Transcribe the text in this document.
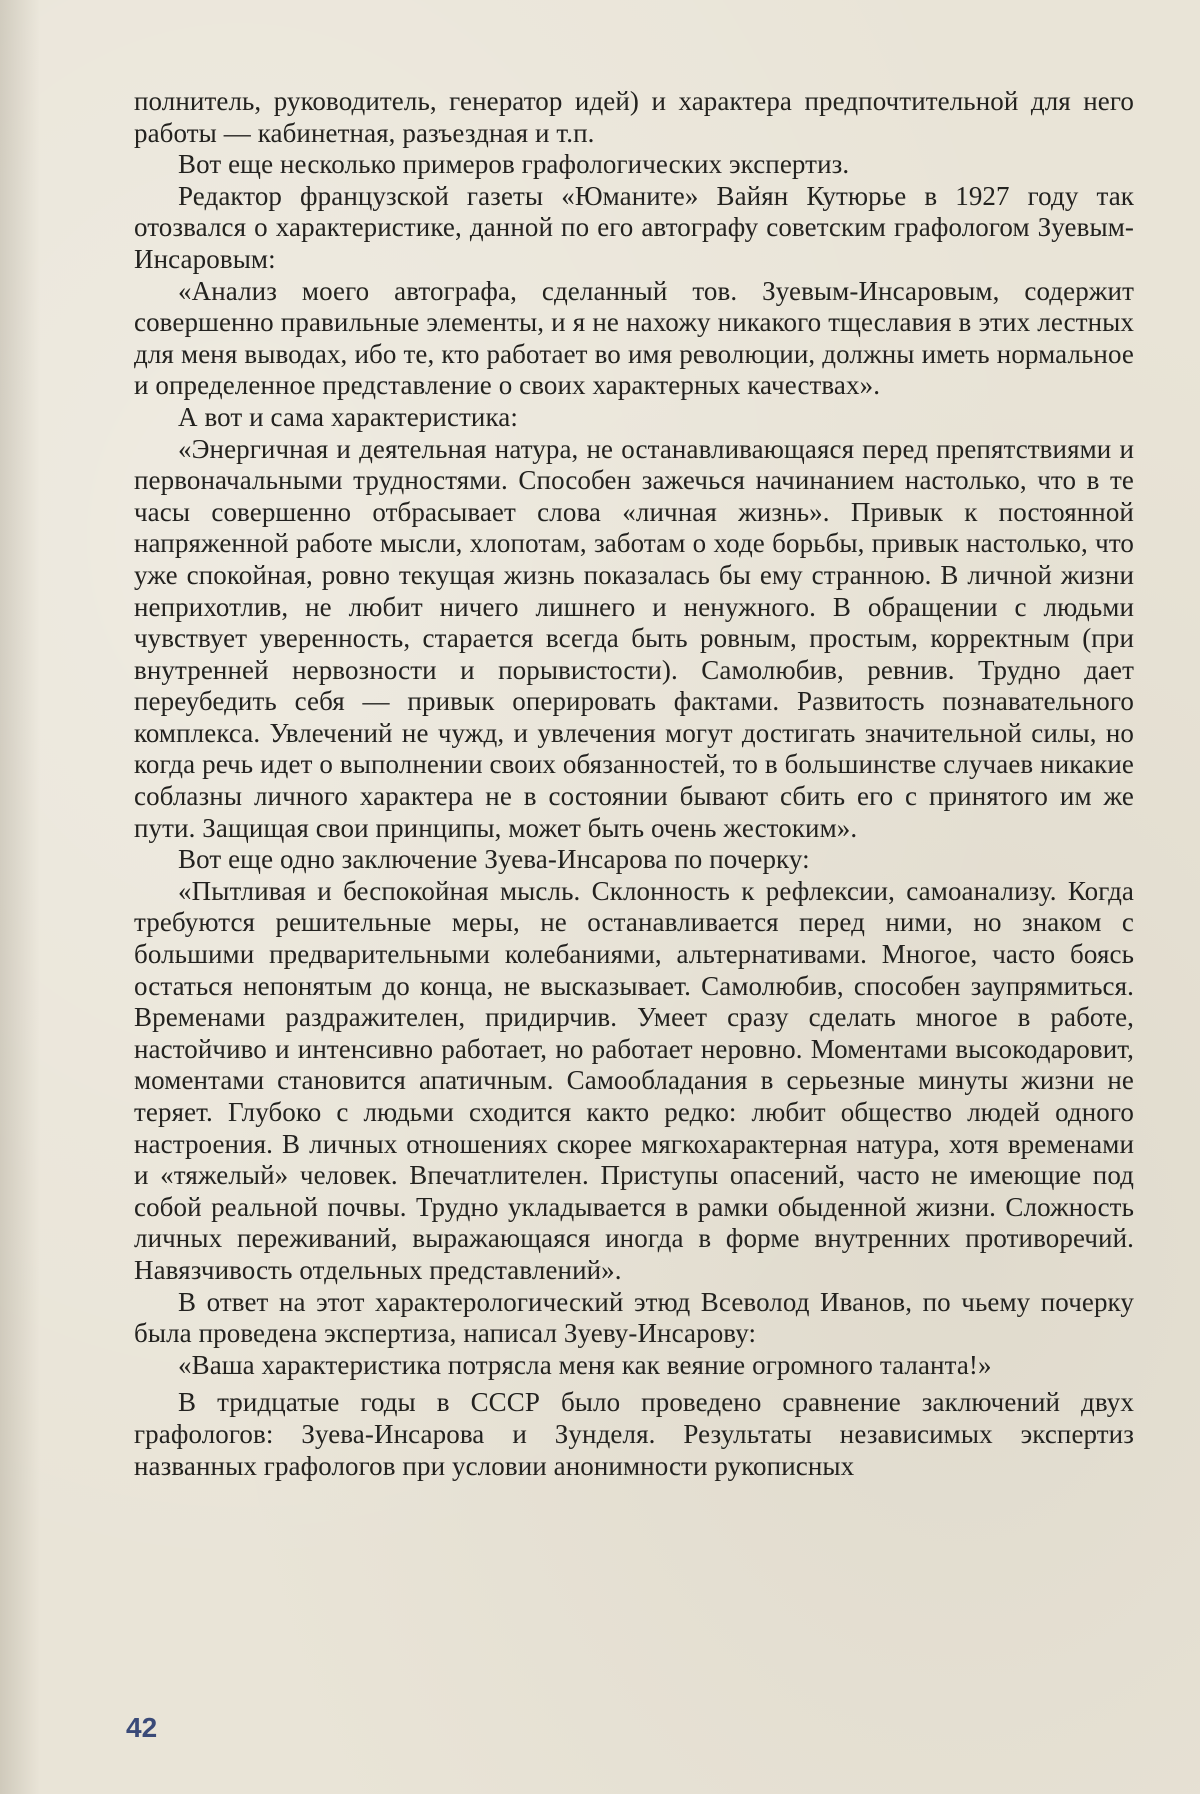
полнитель, руководитель, генератор идей) и характера предпочтительной для него работы — кабинетная, разъездная и т.п.

Вот еще несколько примеров графологических экспертиз.

Редактор французской газеты «Юманите» Вайян Кутюрье в 1927 году так отозвался о характеристике, данной по его автографу советским графологом Зуевым-Инсаровым:

«Анализ моего автографа, сделанный тов. Зуевым-Инсаровым, содержит совершенно правильные элементы, и я не нахожу никакого тщеславия в этих лестных для меня выводах, ибо те, кто работает во имя революции, должны иметь нормальное и определенное представление о своих характерных качествах».

А вот и сама характеристика:

«Энергичная и деятельная натура, не останавливающаяся перед препятствиями и первоначальными трудностями. Способен зажечься начинанием настолько, что в те часы совершенно отбрасывает слова «личная жизнь». Привык к постоянной напряженной работе мысли, хлопотам, заботам о ходе борьбы, привык настолько, что уже спокойная, ровно текущая жизнь показалась бы ему странною. В личной жизни неприхотлив, не любит ничего лишнего и ненужного. В обращении с людьми чувствует уверенность, старается всегда быть ровным, простым, корректным (при внутренней нервозности и порывистости). Самолюбив, ревнив. Трудно дает переубедить себя — привык оперировать фактами. Развитость познавательного комплекса. Увлечений не чужд, и увлечения могут достигать значительной силы, но когда речь идет о выполнении своих обязанностей, то в большинстве случаев никакие соблазны личного характера не в состоянии бывают сбить его с принятого им же пути. Защищая свои принципы, может быть очень жестоким».

Вот еще одно заключение Зуева-Инсарова по почерку:

«Пытливая и беспокойная мысль. Склонность к рефлексии, самоанализу. Когда требуются решительные меры, не останавливается перед ними, но знаком с большими предварительными колебаниями, альтернативами. Многое, часто боясь остаться непонятым до конца, не высказывает. Самолюбив, способен заупрямиться. Временами раздражителен, придирчив. Умеет сразу сделать многое в работе, настойчиво и интенсивно работает, но работает неровно. Моментами высокодаровит, моментами становится апатичным. Самообладания в серьезные минуты жизни не теряет. Глубоко с людьми сходится както редко: любит общество людей одного настроения. В личных отношениях скорее мягкохарактерная натура, хотя временами и «тяжелый» человек. Впечатлителен. Приступы опасений, часто не имеющие под собой реальной почвы. Трудно укладывается в рамки обыденной жизни. Сложность личных переживаний, выражающаяся иногда в форме внутренних противоречий. Навязчивость отдельных представлений».

В ответ на этот характерологический этюд Всеволод Иванов, по чьему почерку была проведена экспертиза, написал Зуеву-Инсарову:

«Ваша характеристика потрясла меня как веяние огромного таланта!»

В тридцатые годы в СССР было проведено сравнение заключений двух графологов: Зуева-Инсарова и Зунделя. Результаты независимых экспертиз названных графологов при условии анонимности рукописных

42
